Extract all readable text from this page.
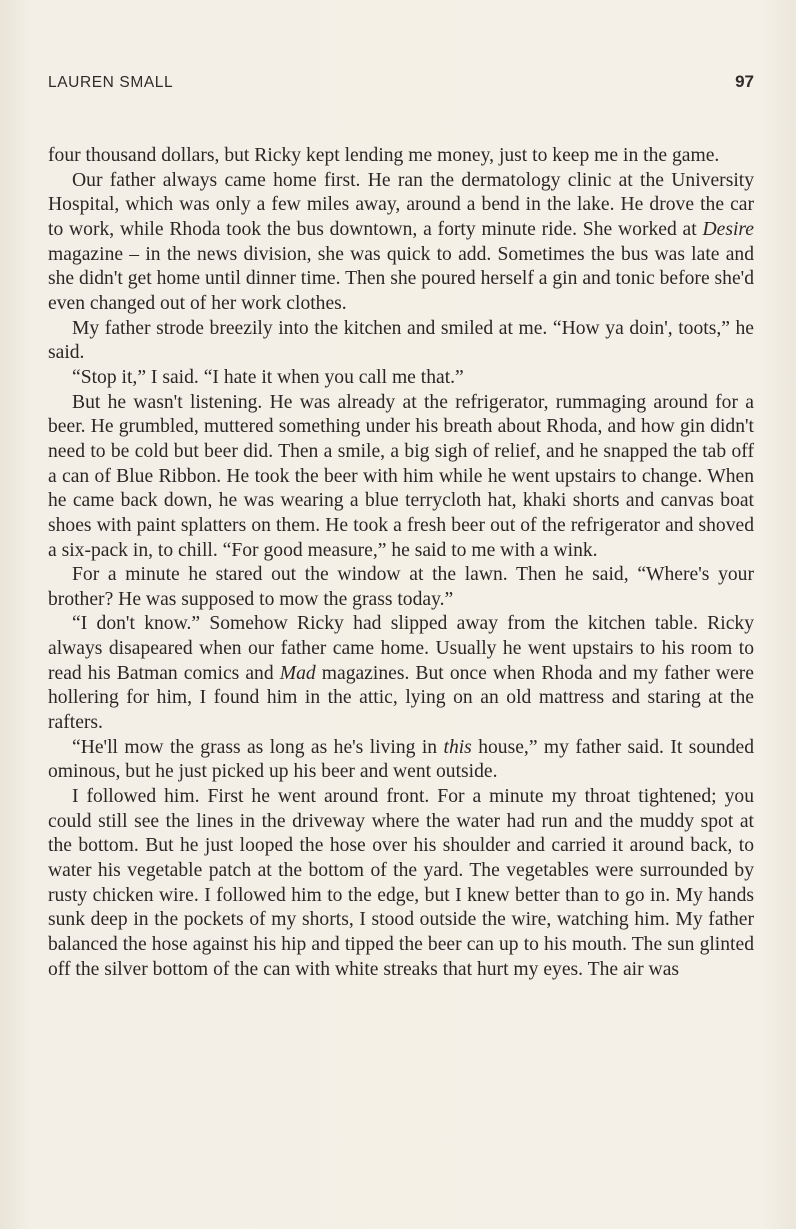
LAUREN SMALL	97

four thousand dollars, but Ricky kept lending me money, just to keep me in the game.

Our father always came home first. He ran the dermatology clinic at the University Hospital, which was only a few miles away, around a bend in the lake. He drove the car to work, while Rhoda took the bus downtown, a forty minute ride. She worked at Desire magazine – in the news division, she was quick to add. Sometimes the bus was late and she didn't get home until dinner time. Then she poured herself a gin and tonic before she'd even changed out of her work clothes.

My father strode breezily into the kitchen and smiled at me. “How ya doin', toots,” he said.

“Stop it,” I said. “I hate it when you call me that.”

But he wasn't listening. He was already at the refrigerator, rummaging around for a beer. He grumbled, muttered something under his breath about Rhoda, and how gin didn't need to be cold but beer did. Then a smile, a big sigh of relief, and he snapped the tab off a can of Blue Ribbon. He took the beer with him while he went upstairs to change. When he came back down, he was wearing a blue terrycloth hat, khaki shorts and canvas boat shoes with paint splatters on them. He took a fresh beer out of the refrigerator and shoved a six-pack in, to chill. “For good measure,” he said to me with a wink.

For a minute he stared out the window at the lawn. Then he said, “Where's your brother? He was supposed to mow the grass today.”

“I don't know.” Somehow Ricky had slipped away from the kitchen table. Ricky always disapeared when our father came home. Usually he went upstairs to his room to read his Batman comics and Mad magazines. But once when Rhoda and my father were hollering for him, I found him in the attic, lying on an old mattress and staring at the rafters.

“He'll mow the grass as long as he's living in this house,” my father said. It sounded ominous, but he just picked up his beer and went outside.

I followed him. First he went around front. For a minute my throat tightened; you could still see the lines in the driveway where the water had run and the muddy spot at the bottom. But he just looped the hose over his shoulder and carried it around back, to water his vegetable patch at the bottom of the yard. The vegetables were surrounded by rusty chicken wire. I followed him to the edge, but I knew better than to go in. My hands sunk deep in the pockets of my shorts, I stood outside the wire, watching him. My father balanced the hose against his hip and tipped the beer can up to his mouth. The sun glinted off the silver bottom of the can with white streaks that hurt my eyes. The air was
